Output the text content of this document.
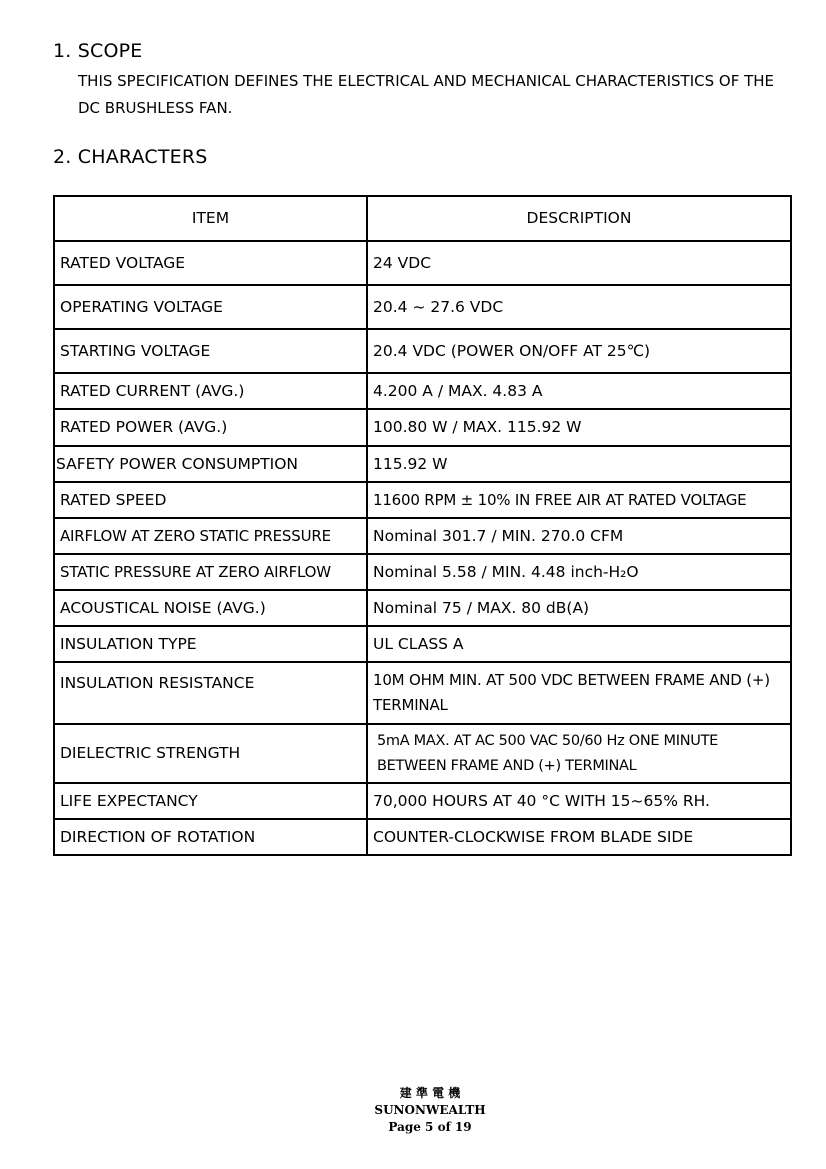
1. SCOPE

THIS SPECIFICATION DEFINES THE ELECTRICAL AND MECHANICAL CHARACTERISTICS OF THE DC BRUSHLESS FAN.

2. CHARACTERS
ITEM	DESCRIPTION
RATED VOLTAGE	24 VDC
OPERATING VOLTAGE	20.4 ~ 27.6 VDC
STARTING VOLTAGE	20.4 VDC (POWER ON/OFF AT 25℃)
RATED CURRENT (AVG.)	4.200 A / MAX. 4.83 A
RATED POWER (AVG.)	100.80 W / MAX. 115.92 W
SAFETY POWER CONSUMPTION	115.92 W
RATED SPEED	11600 RPM ± 10% IN FREE AIR AT RATED VOLTAGE
AIRFLOW AT ZERO STATIC PRESSURE	Nominal 301.7 / MIN. 270.0 CFM
STATIC PRESSURE AT ZERO AIRFLOW	Nominal 5.58 / MIN. 4.48 inch-H₂O
ACOUSTICAL NOISE (AVG.)	Nominal 75 / MAX. 80 dB(A)
INSULATION TYPE	UL CLASS A
INSULATION RESISTANCE	10M OHM MIN. AT 500 VDC BETWEEN FRAME AND (+) TERMINAL
DIELECTRIC STRENGTH	5mA MAX. AT AC 500 VAC 50/60 Hz ONE MINUTE BETWEEN FRAME AND (+) TERMINAL
LIFE EXPECTANCY	70,000 HOURS AT 40 °C WITH 15~65% RH.
DIRECTION OF ROTATION	COUNTER-CLOCKWISE FROM BLADE SIDE
建 準 電 機
SUNONWEALTH
Page 5 of 19
